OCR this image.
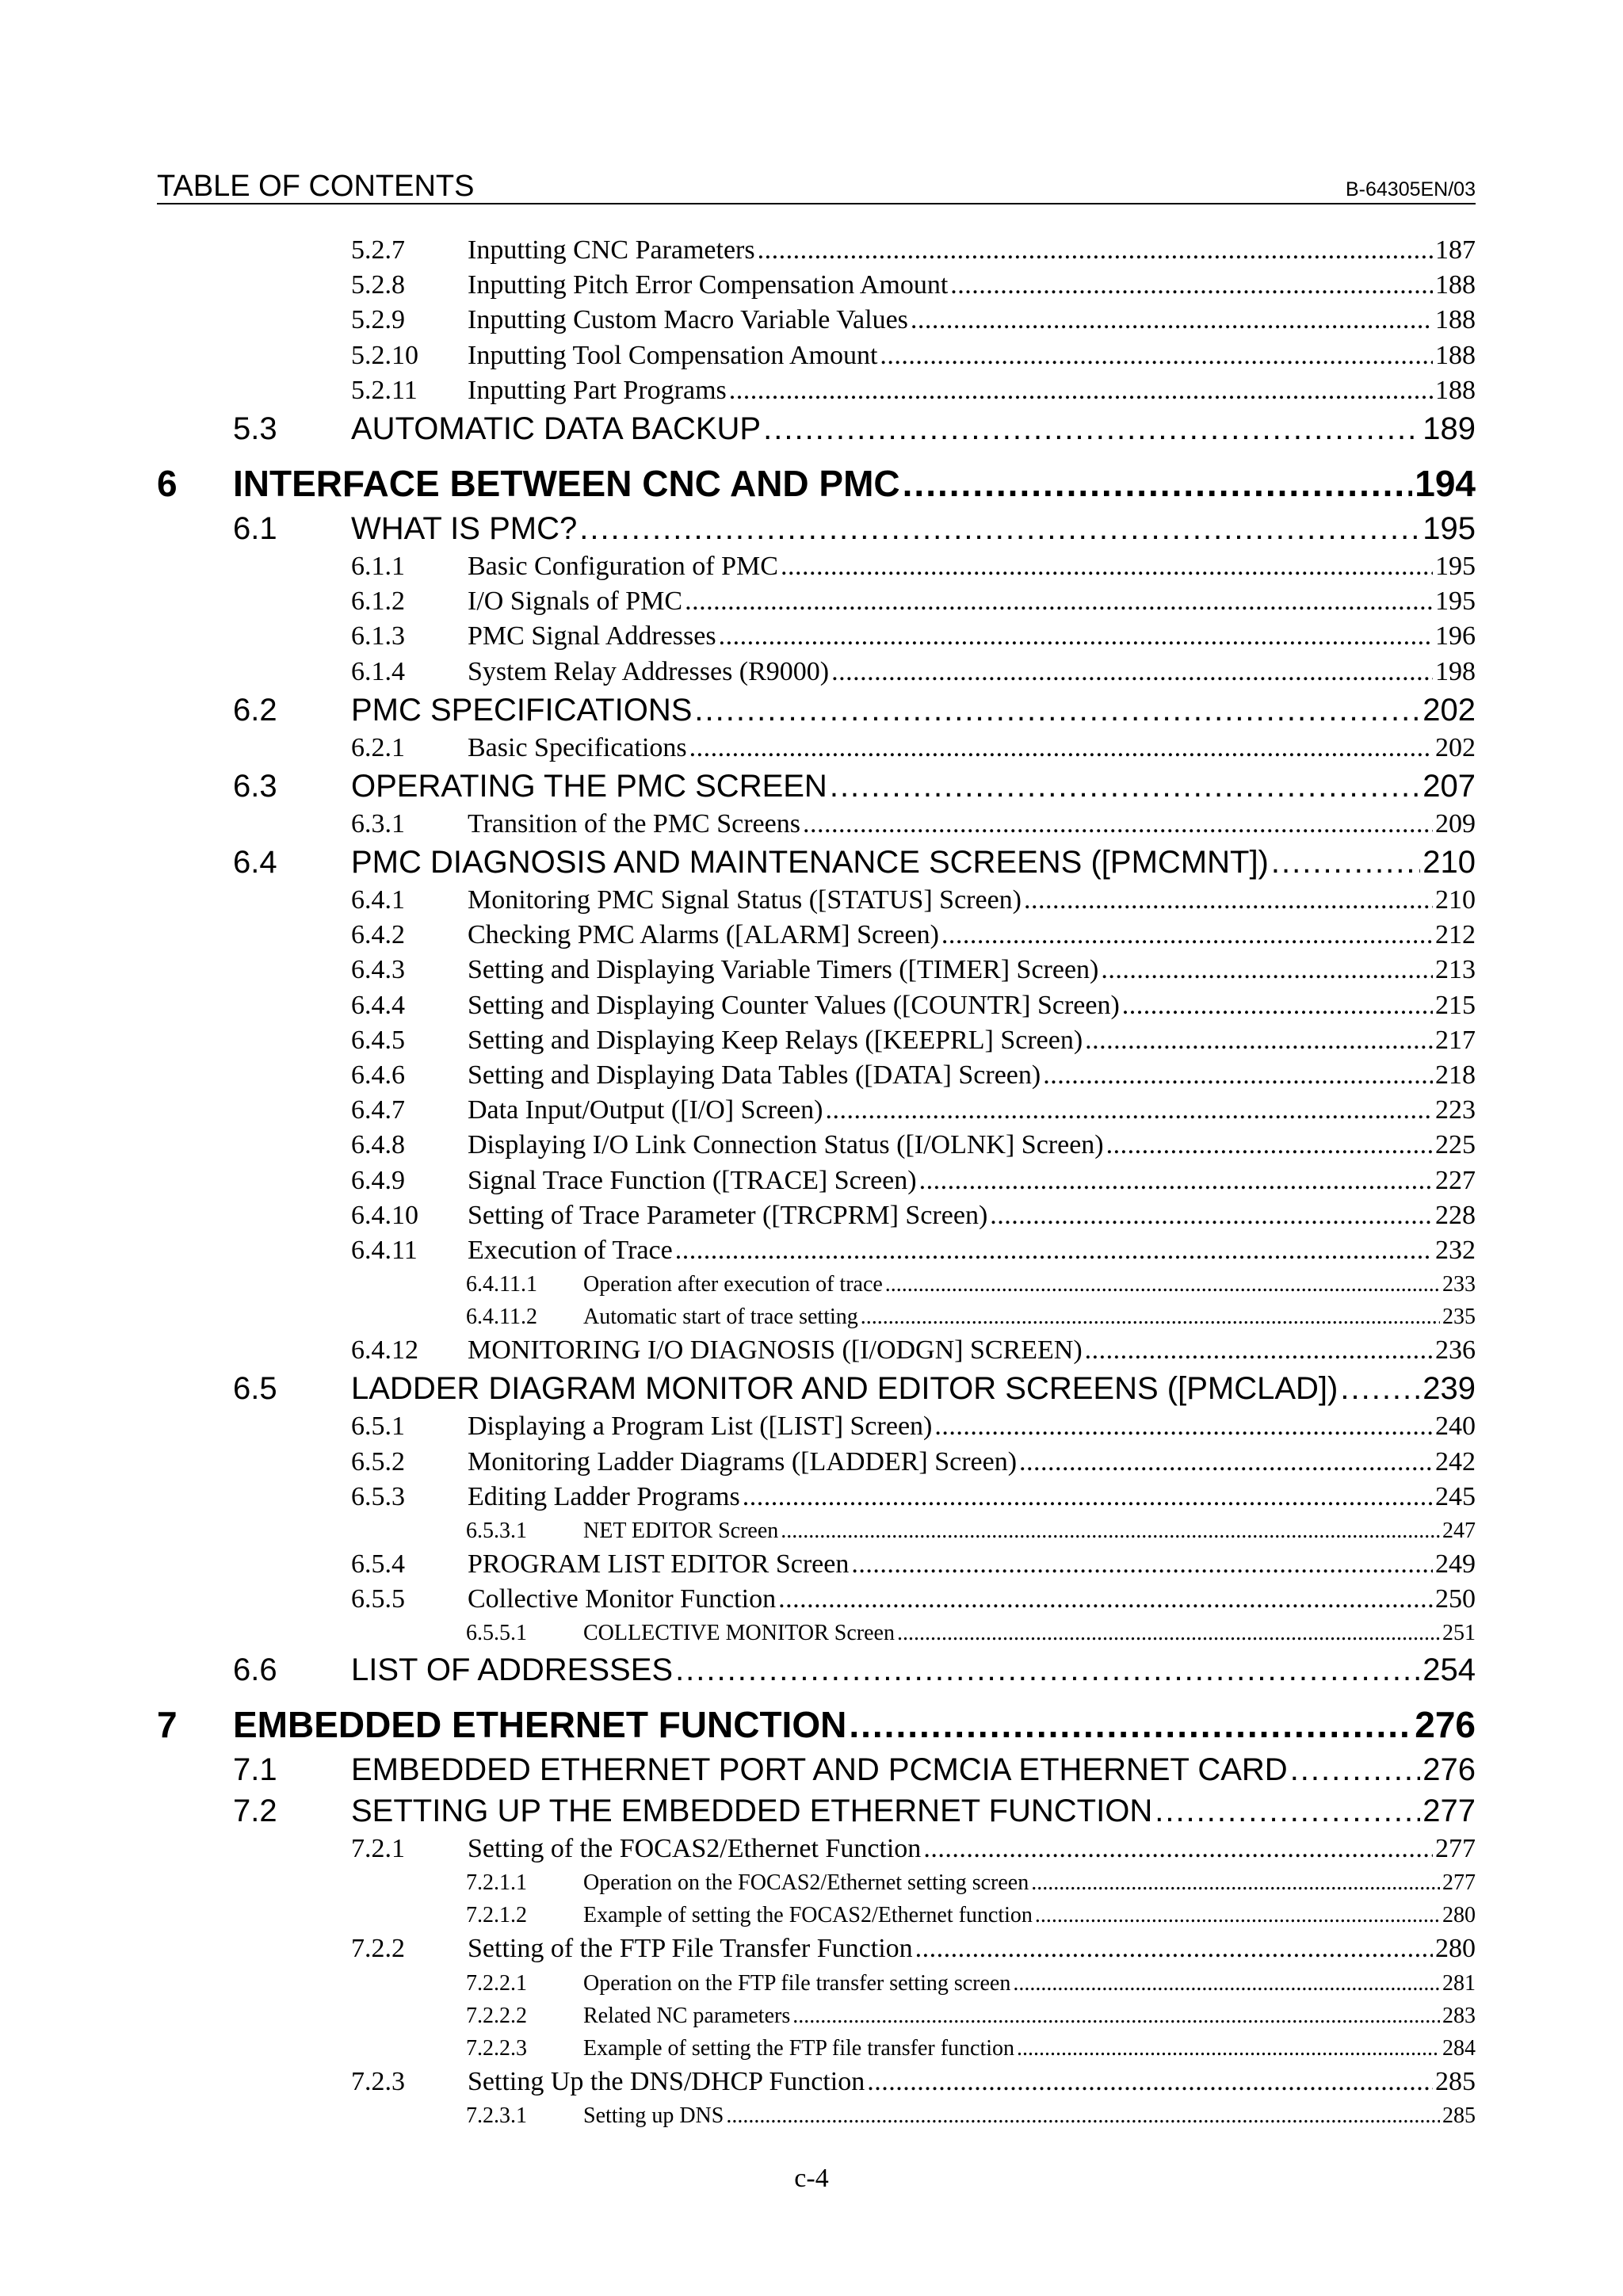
TABLE OF CONTENTS	B-64305EN/03
5.2.7	Inputting CNC Parameters .....	187
5.2.8	Inputting Pitch Error Compensation Amount .....	188
5.2.9	Inputting Custom Macro Variable Values .....	188
5.2.10	Inputting Tool Compensation Amount .....	188
5.2.11	Inputting Part Programs .....	188
5.3	AUTOMATIC DATA BACKUP .....	189
6	INTERFACE BETWEEN CNC AND PMC .....	194
6.1	WHAT IS PMC? .....	195
6.1.1	Basic Configuration of PMC .....	195
6.1.2	I/O Signals of PMC .....	195
6.1.3	PMC Signal Addresses .....	196
6.1.4	System Relay Addresses (R9000) .....	198
6.2	PMC SPECIFICATIONS .....	202
6.2.1	Basic Specifications .....	202
6.3	OPERATING THE PMC SCREEN .....	207
6.3.1	Transition of the PMC Screens .....	209
6.4	PMC DIAGNOSIS AND MAINTENANCE SCREENS ([PMCMNT]) .....	210
6.4.1	Monitoring PMC Signal Status ([STATUS] Screen) .....	210
6.4.2	Checking PMC Alarms ([ALARM] Screen) .....	212
6.4.3	Setting and Displaying Variable Timers ([TIMER] Screen) .....	213
6.4.4	Setting and Displaying Counter Values ([COUNTR] Screen) .....	215
6.4.5	Setting and Displaying Keep Relays ([KEEPRL] Screen) .....	217
6.4.6	Setting and Displaying Data Tables ([DATA] Screen) .....	218
6.4.7	Data Input/Output ([I/O] Screen) .....	223
6.4.8	Displaying I/O Link Connection Status ([I/OLNK] Screen) .....	225
6.4.9	Signal Trace Function ([TRACE] Screen) .....	227
6.4.10	Setting of Trace Parameter ([TRCPRM] Screen) .....	228
6.4.11	Execution of Trace .....	232
6.4.11.1	Operation after execution of trace .....	233
6.4.11.2	Automatic start of trace setting .....	235
6.4.12	MONITORING I/O DIAGNOSIS ([I/ODGN] SCREEN) .....	236
6.5	LADDER DIAGRAM MONITOR AND EDITOR SCREENS ([PMCLAD]) .....	239
6.5.1	Displaying a Program List ([LIST] Screen) .....	240
6.5.2	Monitoring Ladder Diagrams ([LADDER] Screen) .....	242
6.5.3	Editing Ladder Programs .....	245
6.5.3.1	NET EDITOR Screen .....	247
6.5.4	PROGRAM LIST EDITOR Screen .....	249
6.5.5	Collective Monitor Function .....	250
6.5.5.1	COLLECTIVE MONITOR Screen .....	251
6.6	LIST OF ADDRESSES .....	254
7	EMBEDDED ETHERNET FUNCTION .....	276
7.1	EMBEDDED ETHERNET PORT AND PCMCIA ETHERNET CARD .....	276
7.2	SETTING UP THE EMBEDDED ETHERNET FUNCTION .....	277
7.2.1	Setting of the FOCAS2/Ethernet Function .....	277
7.2.1.1	Operation on the FOCAS2/Ethernet setting screen .....	277
7.2.1.2	Example of setting the FOCAS2/Ethernet function .....	280
7.2.2	Setting of the FTP File Transfer Function .....	280
7.2.2.1	Operation on the FTP file transfer setting screen .....	281
7.2.2.2	Related NC parameters .....	283
7.2.2.3	Example of setting the FTP file transfer function .....	284
7.2.3	Setting Up the DNS/DHCP Function .....	285
7.2.3.1	Setting up DNS .....	285
c-4
